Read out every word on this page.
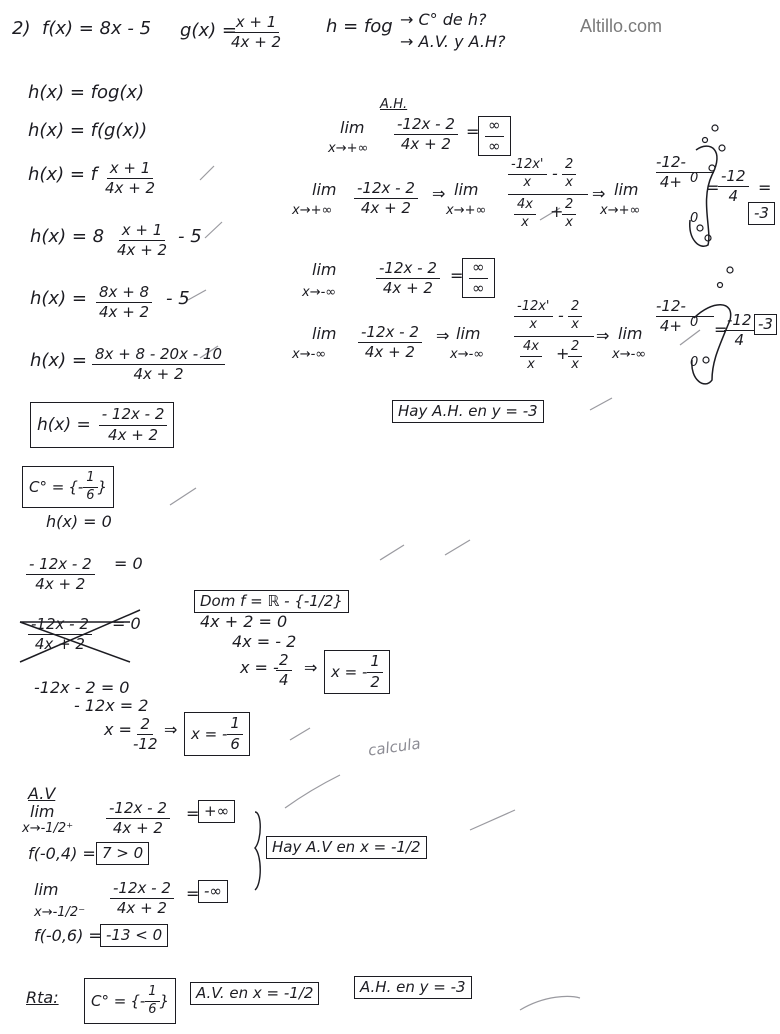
Altillo.com
2) f(x) = 8x - 5 g(x) =
$\frac{x + 1}{4x + 2}$ h = fog → C° de h?
→ A.V. y A.H?
h(x) = fog(x)
h(x) = f(g(x))
h(x) = f $\frac{x + 1}{4x + 2}$
$h(x) = 8 \frac{x + 1}{4x + 2} - 5$
$h(x) = \frac{8x + 8}{4x + 2} - 5$
$h(x) = \frac{8x + 8 - 20x - 10}{4x + 2}$
$h(x) = \frac{- 12x - 2}{4x + 2}$
C° = {- $\frac{1}{6}$ }
h(x) = 0
$\frac{- 12x - 2}{4x + 2} = 0$
$\frac{-12x - 2}{4x + 2} = 0$
-12x - 2 = 0
- 12x = 2
x =
$\frac{2}{-12}$ ⇒ x = - $\frac{1}{6}$
Dom f = ℝ - {-1/2}
4x + 2 = 0
4x = - 2
x = -
$\frac{2}{4}$ ⇒ x = - $\frac{1}{2}$
A.H.
lim
$x\to+\infty \frac{-12x - 2}{4x + 2} = \frac{\infty}{\infty}$
lim
$x\to+\infty \frac{-12x - 2}{4x + 2}$ ⇒ lim
x→+∞
$\frac{-12x'}{x} - \frac{2}{x}$
$\frac{4x}{x}$ +
$\frac{2}{x}$
⇒ lim
x→+∞
$\frac{-12-}{4+}$
0
0
=
$\frac{-12}{4}$ =
-3
lim
x→-∞	$\frac{-12x - 2}{4x + 2} = \frac{\infty}{\infty}$
lim
$x\to-\infty \frac{-12x - 2}{4x + 2}$ ⇒ lim
x→-∞
$\frac{-12x'}{x} - \frac{2}{x}$
$\frac{4x}{x}$ +
$\frac{2}{x}$
⇒ lim
x→-∞
$\frac{-12-}{4+}$
0
0
=
$\frac{-12}{4} -3$
Hay A.H. en y = -3
A.V
lim
$x\to-1/2^+ \frac{-12x - 2}{4x + 2}$ = +∞
f(-0,4) = 7 > 0
lim
$x\to-1/2^- \frac{-12x - 2}{4x + 2}$ = -∞
f(-0,6) = -13 < 0
Hay A.V en x = -1/2
calcula
Rta: C° = {- $\frac{1}{6}$ }	A.V. en x = -1/2	A.H. en y = -3
